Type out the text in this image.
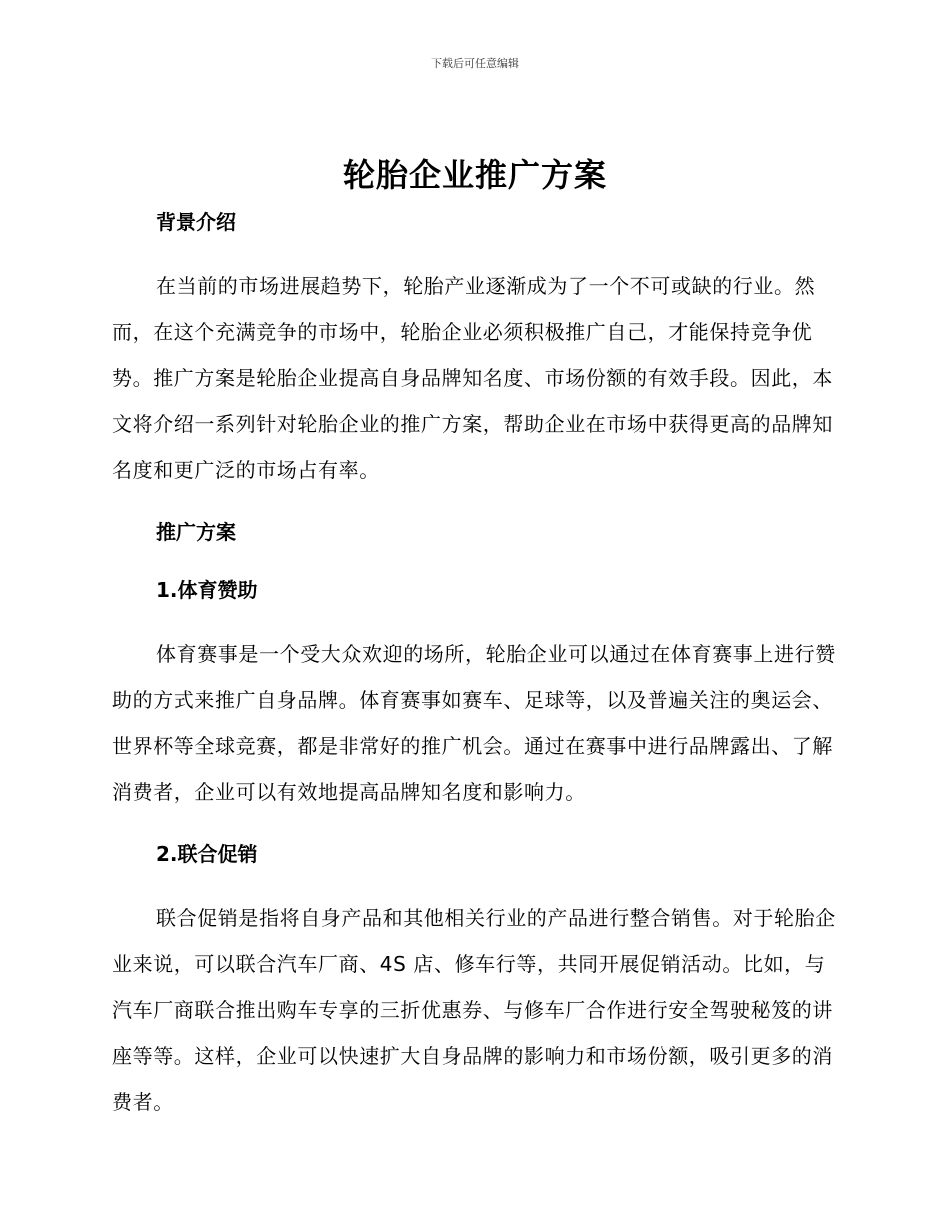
下载后可任意编辑
轮胎企业推广方案
背景介绍

在当前的市场进展趋势下，轮胎产业逐渐成为了一个不可或缺的行业。然而，在这个充满竞争的市场中，轮胎企业必须积极推广自己，才能保持竞争优势。推广方案是轮胎企业提高自身品牌知名度、市场份额的有效手段。因此，本文将介绍一系列针对轮胎企业的推广方案，帮助企业在市场中获得更高的品牌知名度和更广泛的市场占有率。

推广方案
1.体育赞助

体育赛事是一个受大众欢迎的场所，轮胎企业可以通过在体育赛事上进行赞助的方式来推广自身品牌。体育赛事如赛车、足球等，以及普遍关注的奥运会、世界杯等全球竞赛，都是非常好的推广机会。通过在赛事中进行品牌露出、了解消费者，企业可以有效地提高品牌知名度和影响力。

2.联合促销

联合促销是指将自身产品和其他相关行业的产品进行整合销售。对于轮胎企业来说，可以联合汽车厂商、4S 店、修车行等，共同开展促销活动。比如，与汽车厂商联合推出购车专享的三折优惠券、与修车厂合作进行安全驾驶秘笈的讲座等等。这样，企业可以快速扩大自身品牌的影响力和市场份额，吸引更多的消费者。
